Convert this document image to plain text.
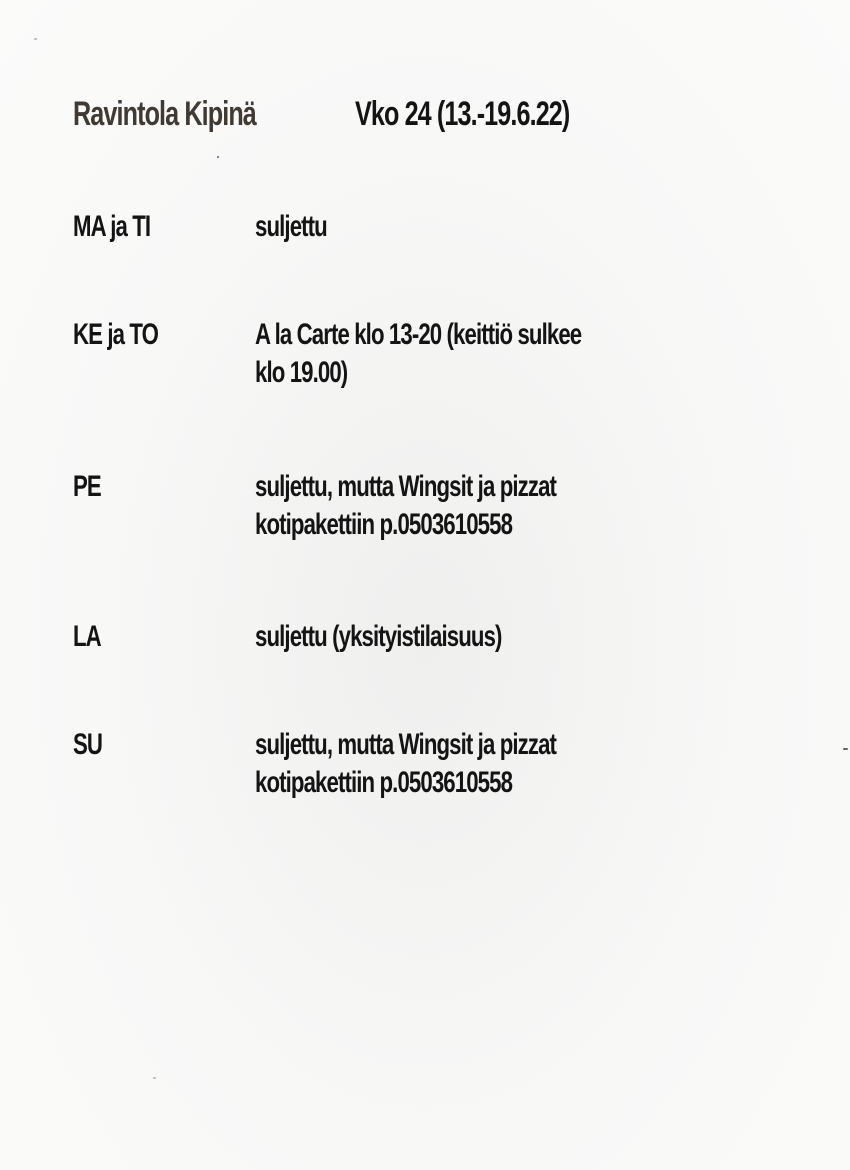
Ravintola Kipinä	Vko 24 (13.-19.6.22)
MA ja TI	suljettu
KE ja TO	A la Carte klo 13-20 (keittiö sulkee
klo 19.00)
PE	suljettu, mutta Wingsit ja pizzat
kotipakettiin p.0503610558
LA	suljettu (yksityistilaisuus)
SU	suljettu, mutta Wingsit ja pizzat
kotipakettiin p.0503610558
